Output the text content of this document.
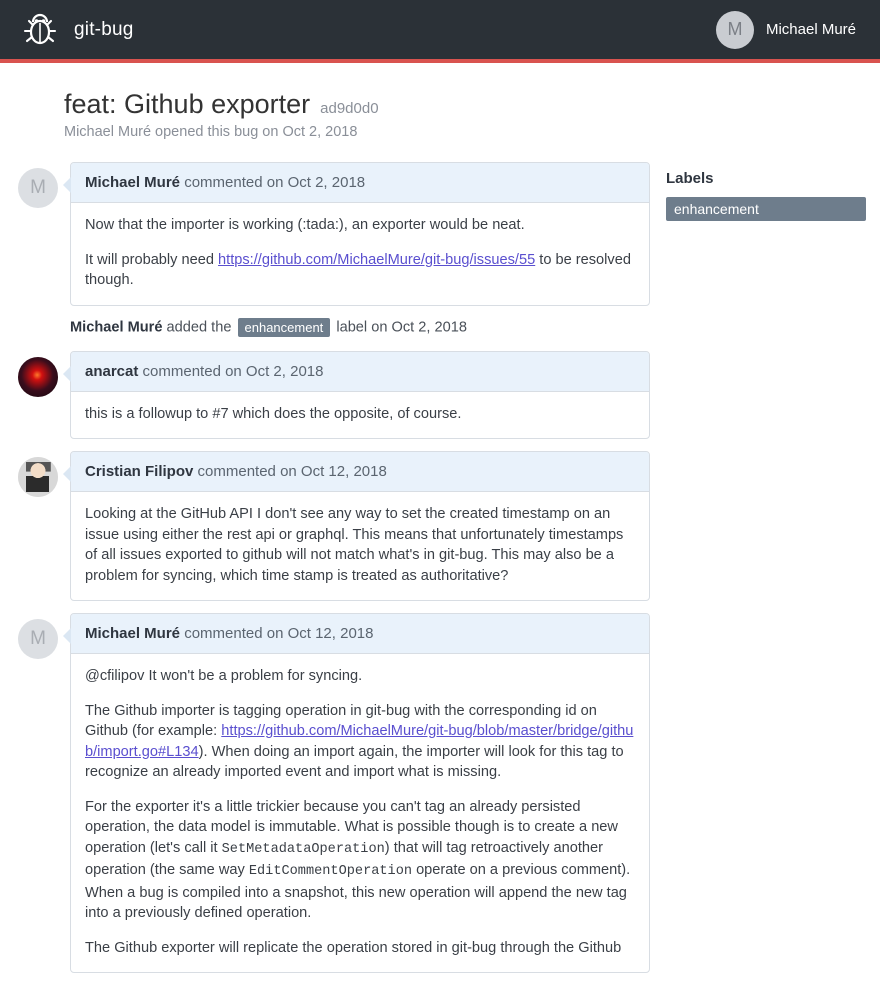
git-bug	M	Michael Muré
feat: Github exporter ad9d0d0
Michael Muré opened this bug on Oct 2, 2018
M	Michael Muré commented on Oct 2, 2018

Now that the importer is working (:tada:), an exporter would be neat.

It will probably need https://github.com/MichaelMure/git-bug/issues/55 to be resolved though.

Michael Muré added the enhancement label on Oct 2, 2018
anarcat commented on Oct 2, 2018

this is a followup to #7 which does the opposite, of course.

Cristian Filipov commented on Oct 12, 2018

Looking at the GitHub API I don't see any way to set the created timestamp on an issue using either the rest api or graphql. This means that unfortunately timestamps of all issues exported to github will not match what's in git-bug. This may also be a problem for syncing, which time stamp is treated as authoritative?

M	Michael Muré commented on Oct 12, 2018

@cfilipov It won't be a problem for syncing.

The Github importer is tagging operation in git-bug with the corresponding id on Github (for example: https://github.com/MichaelMure/git-bug/blob/master/bridge/github/import.go#L134). When doing an import again, the importer will look for this tag to recognize an already imported event and import what is missing.

For the exporter it's a little trickier because you can't tag an already persisted operation, the data model is immutable. What is possible though is to create a new operation (let's call it SetMetadataOperation) that will tag retroactively another operation (the same way EditCommentOperation operate on a previous comment). When a bug is compiled into a snapshot, this new operation will append the new tag into a previously defined operation.

The Github exporter will replicate the operation stored in git-bug through the Github

Labels
enhancement
